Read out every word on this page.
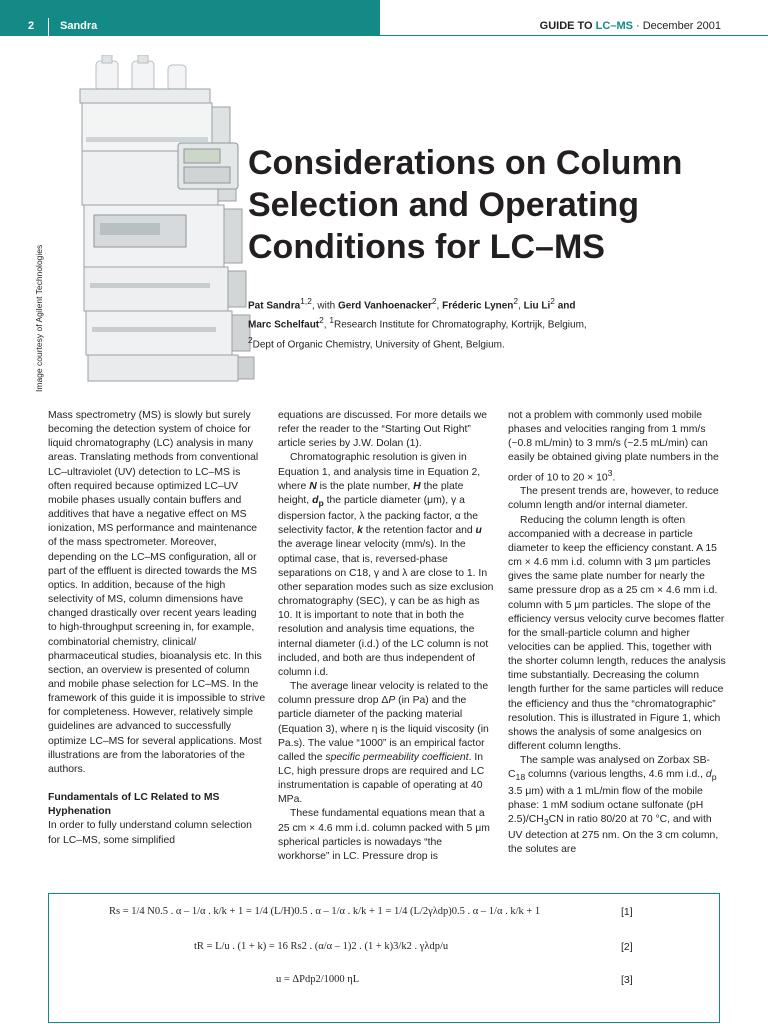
2 Sandra	GUIDE TO LC–MS · December 2001
Image courtesy of Agilent Technologies
Considerations on Column Selection and Operating Conditions for LC–MS
Pat Sandra$^{1,2}$, with Gerd Vanhoenacker$^2$, Fréderic Lynen$^2$, Liu Li$^2$ and
Marc Schelfaut$^2$, $^1$Research Institute for Chromatography, Kortrijk, Belgium,
$^2$Dept of Organic Chemistry, University of Ghent, Belgium.

Mass spectrometry (MS) is slowly but surely becoming the detection system of choice for liquid chromatography (LC) analysis in many areas. Translating methods from conventional LC–ultraviolet (UV) detection to LC–MS is often required because optimized LC–UV mobile phases usually contain buffers and additives that have a negative effect on MS ionization, MS performance and maintenance of the mass spectrometer. Moreover, depending on the LC–MS configuration, all or part of the effluent is directed towards the MS optics. In addition, because of the high selectivity of MS, column dimensions have changed drastically over recent years leading to high-throughput screening in, for example, combinatorial chemistry, clinical/ pharmaceutical studies, bioanalysis etc. In this section, an overview is presented of column and mobile phase selection for LC–MS. In the framework of this guide it is impossible to strive for completeness. However, relatively simple guidelines are advanced to successfully optimize LC–MS for several applications. Most illustrations are from the laboratories of the authors.

Fundamentals of LC Related to MS Hyphenation

In order to fully understand column selection for LC–MS, some simplified

equations are discussed. For more details we refer the reader to the “Starting Out Right” article series by J.W. Dolan (1).

Chromatographic resolution is given in Equation 1, and analysis time in Equation 2, where N is the plate number, H the plate height, $d_p$ the particle diameter (μm), γ a dispersion factor, λ the packing factor, α the selectivity factor, k the retention factor and u the average linear velocity (mm/s). In the optimal case, that is, reversed-phase separations on C18, γ and λ are close to 1. In other separation modes such as size exclusion chromatography (SEC), γ can be as high as 10. It is important to note that in both the resolution and analysis time equations, the internal diameter (i.d.) of the LC column is not included, and both are thus independent of column i.d.

The average linear velocity is related to the column pressure drop ΔP (in Pa) and the particle diameter of the packing material (Equation 3), where η is the liquid viscosity (in Pa.s). The value “1000” is an empirical factor called the specific permeability coefficient. In LC, high pressure drops are required and LC instrumentation is capable of operating at 40 MPa.

These fundamental equations mean that a 25 cm × 4.6 mm i.d. column packed with 5 μm spherical particles is nowadays “the workhorse” in LC. Pressure drop is

not a problem with commonly used mobile phases and velocities ranging from 1 mm/s (~0.8 mL/min) to 3 mm/s (~2.5 mL/min) can easily be obtained giving plate numbers in the order of 10 to $20 \times 10^3$.

The present trends are, however, to reduce column length and/or internal diameter.

Reducing the column length is often accompanied with a decrease in particle diameter to keep the efficiency constant. A 15 cm × 4.6 mm i.d. column with 3 μm particles gives the same plate number for nearly the same pressure drop as a 25 cm × 4.6 mm i.d. column with 5 μm particles. The slope of the efficiency versus velocity curve becomes flatter for the small-particle column and higher velocities can be applied. This, together with the shorter column length, reduces the analysis time substantially. Decreasing the column length further for the same particles will reduce the efficiency and thus the “chromatographic” resolution. This is illustrated in Figure 1, which shows the analysis of some analgesics on different column lengths.

The sample was analysed on Zorbax $SB-C_{18}$ columns (various lengths, 4.6 mm i.d., $d_p$ 3.5 μm) with a 1 mL/min flow of the mobile phase: 1 mM sodium octane sulfonate (pH $2.5)/CH_3CN$ in ratio 80/20 at 70 °C, and with UV detection at 275 nm. On the 3 cm column, the solutes are

Rs = 1/4 N0.5 . α – 1/α . k/k + 1 = 1/4 (L/H)0.5 . α – 1/α . k/k + 1 = 1/4 (L/2γλdp)0.5 . α – 1/α . k/k + 1	[1]
tR = L/u . (1 + k) = 16 Rs2 . (α/α – 1)2 . (1 + k)3/k2 . γλdp/u	[2]
u = ΔPdp2/1000 ηL	[3]
